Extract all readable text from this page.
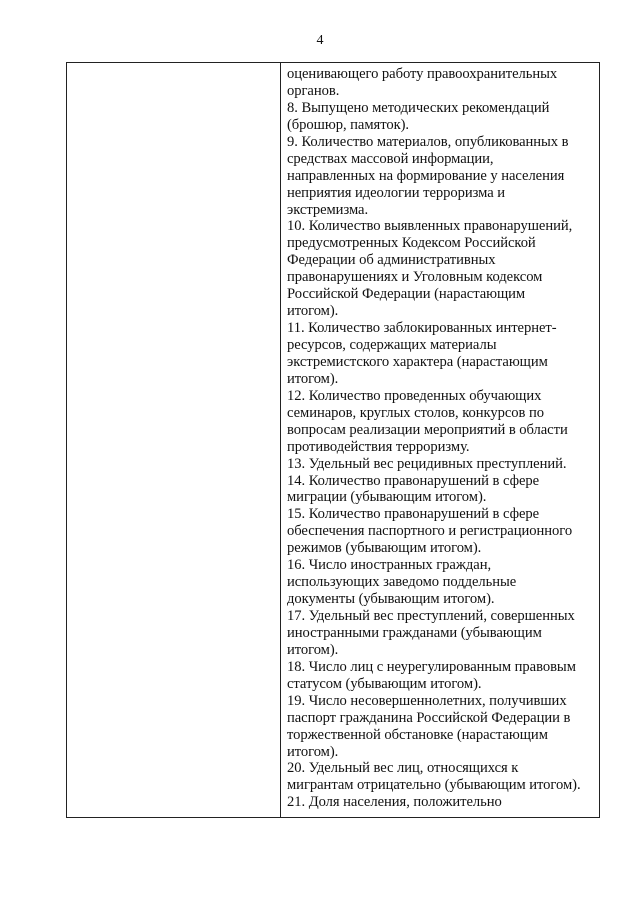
4
оценивающего работу правоохранительных
органов.
8. Выпущено методических рекомендаций
(брошюр, памяток).
9. Количество материалов, опубликованных в
средствах массовой информации,
направленных на формирование у населения
неприятия идеологии терроризма и
экстремизма.
10. Количество выявленных правонарушений,
предусмотренных Кодексом Российской
Федерации об административных
правонарушениях и Уголовным кодексом
Российской Федерации (нарастающим
итогом).
11. Количество заблокированных интернет-
ресурсов, содержащих материалы
экстремистского характера (нарастающим
итогом).
12. Количество проведенных обучающих
семинаров, круглых столов, конкурсов по
вопросам реализации мероприятий в области
противодействия терроризму.
13. Удельный вес рецидивных преступлений.
14. Количество правонарушений в сфере
миграции (убывающим итогом).
15. Количество правонарушений в сфере
обеспечения паспортного и регистрационного
режимов (убывающим итогом).
16. Число иностранных граждан,
использующих заведомо поддельные
документы (убывающим итогом).
17. Удельный вес преступлений, совершенных
иностранными гражданами (убывающим
итогом).
18. Число лиц с неурегулированным правовым
статусом (убывающим итогом).
19. Число несовершеннолетних, получивших
паспорт гражданина Российской Федерации в
торжественной обстановке (нарастающим
итогом).
20. Удельный вес лиц, относящихся к
мигрантам отрицательно (убывающим итогом).
21. Доля населения, положительно
